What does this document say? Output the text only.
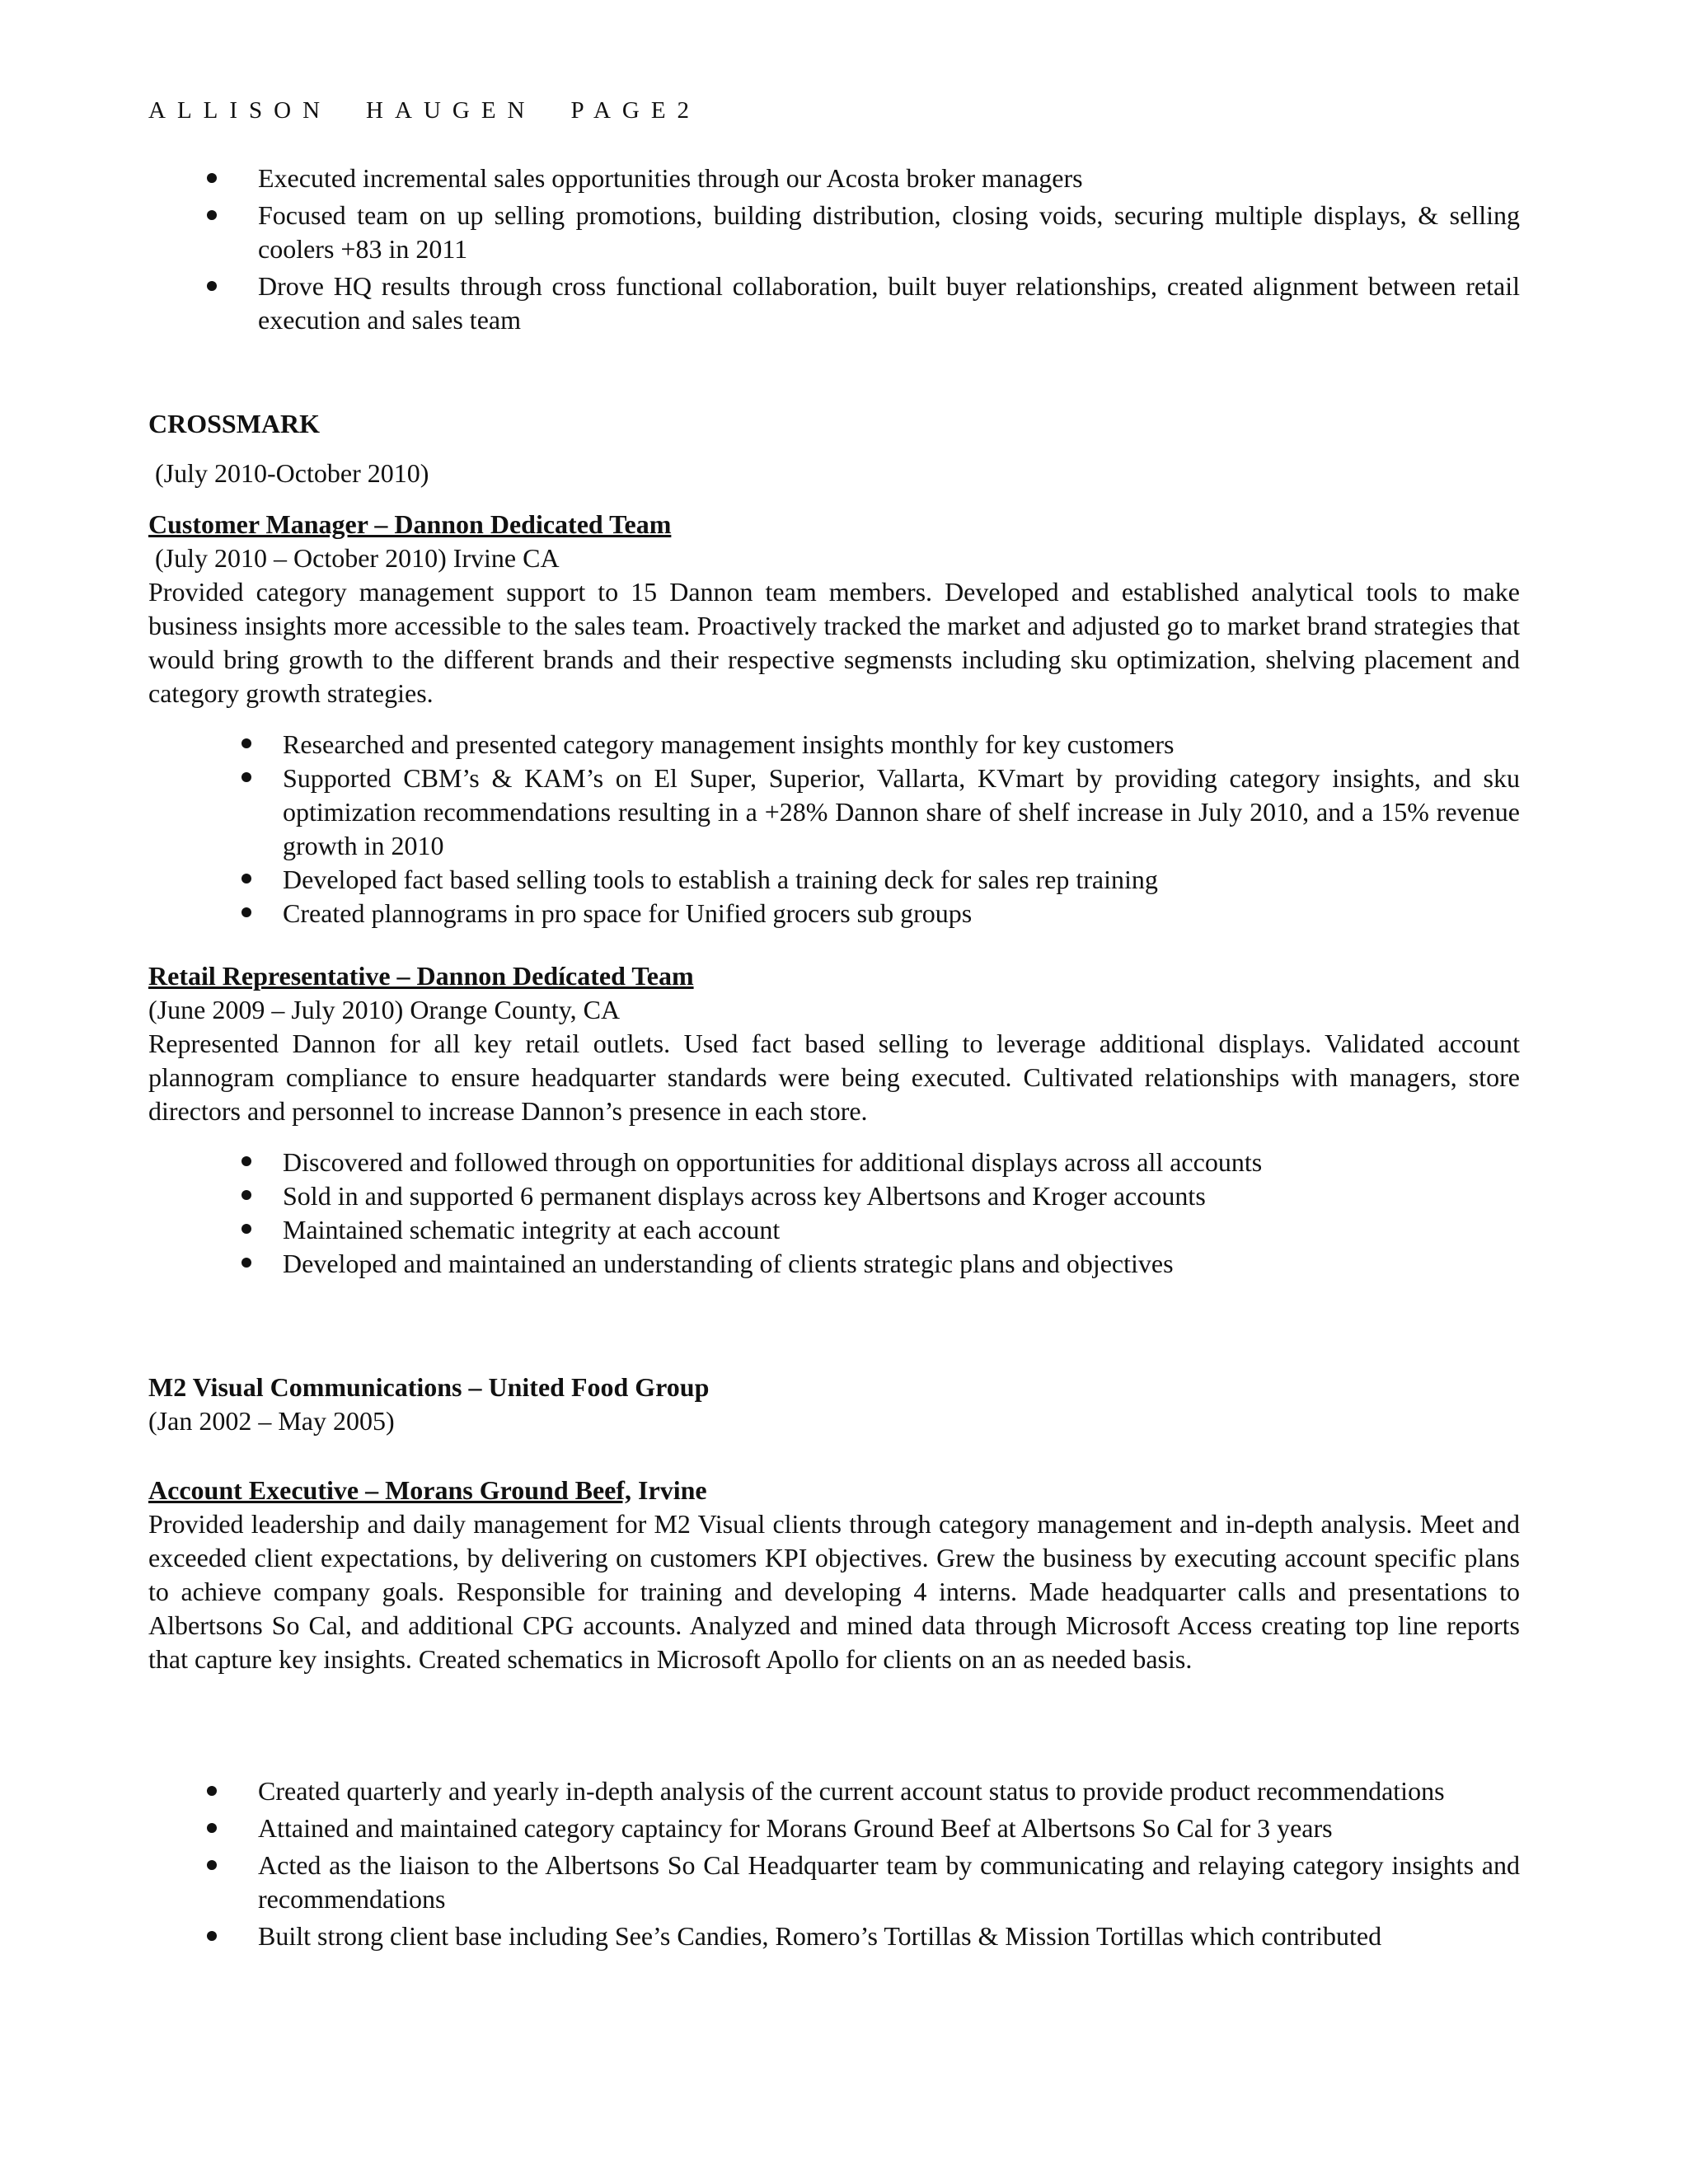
ALLISON HAUGEN PAGE2
Executed incremental sales opportunities through our Acosta broker managers
Focused team on up selling promotions, building distribution, closing voids, securing multiple displays, & selling coolers +83 in 2011
Drove HQ results through cross functional collaboration, built buyer relationships, created alignment between retail execution and sales team
CROSSMARK
(July 2010-October 2010)
Customer Manager – Dannon Dedicated Team
(July 2010 – October 2010) Irvine CA
Provided category management support to 15 Dannon team members. Developed and established analytical tools to make business insights more accessible to the sales team. Proactively tracked the market and adjusted go to market brand strategies that would bring growth to the different brands and their respective segmensts including sku optimization, shelving placement and category growth strategies.
Researched and presented category management insights monthly for key customers
Supported CBM’s & KAM’s on El Super, Superior, Vallarta, KVmart by providing category insights, and sku optimization recommendations resulting in a +28% Dannon share of shelf increase in July 2010, and a 15% revenue growth in 2010
Developed fact based selling tools to establish a training deck for sales rep training
Created plannograms in pro space for Unified grocers sub groups
Retail Representative – Dannon Dedícated Team
(June 2009 – July 2010) Orange County, CA
Represented Dannon for all key retail outlets. Used fact based selling to leverage additional displays. Validated account plannogram compliance to ensure headquarter standards were being executed. Cultivated relationships with managers, store directors and personnel to increase Dannon’s presence in each store.
Discovered and followed through on opportunities for additional displays across all accounts
Sold in and supported 6 permanent displays across key Albertsons and Kroger accounts
Maintained schematic integrity at each account
Developed and maintained an understanding of clients strategic plans and objectives
M2 Visual Communications – United Food Group
(Jan 2002 – May 2005)
Account Executive – Morans Ground Beef, Irvine
Provided leadership and daily management for M2 Visual clients through category management and in-depth analysis. Meet and exceeded client expectations, by delivering on customers KPI objectives. Grew the business by executing account specific plans to achieve company goals. Responsible for training and developing 4 interns. Made headquarter calls and presentations to Albertsons So Cal, and additional CPG accounts. Analyzed and mined data through Microsoft Access creating top line reports that capture key insights. Created schematics in Microsoft Apollo for clients on an as needed basis.
Created quarterly and yearly in-depth analysis of the current account status to provide product recommendations
Attained and maintained category captaincy for Morans Ground Beef at Albertsons So Cal for 3 years
Acted as the liaison to the Albertsons So Cal Headquarter team by communicating and relaying category insights and recommendations
Built strong client base including See’s Candies, Romero’s Tortillas & Mission Tortillas which contributed
